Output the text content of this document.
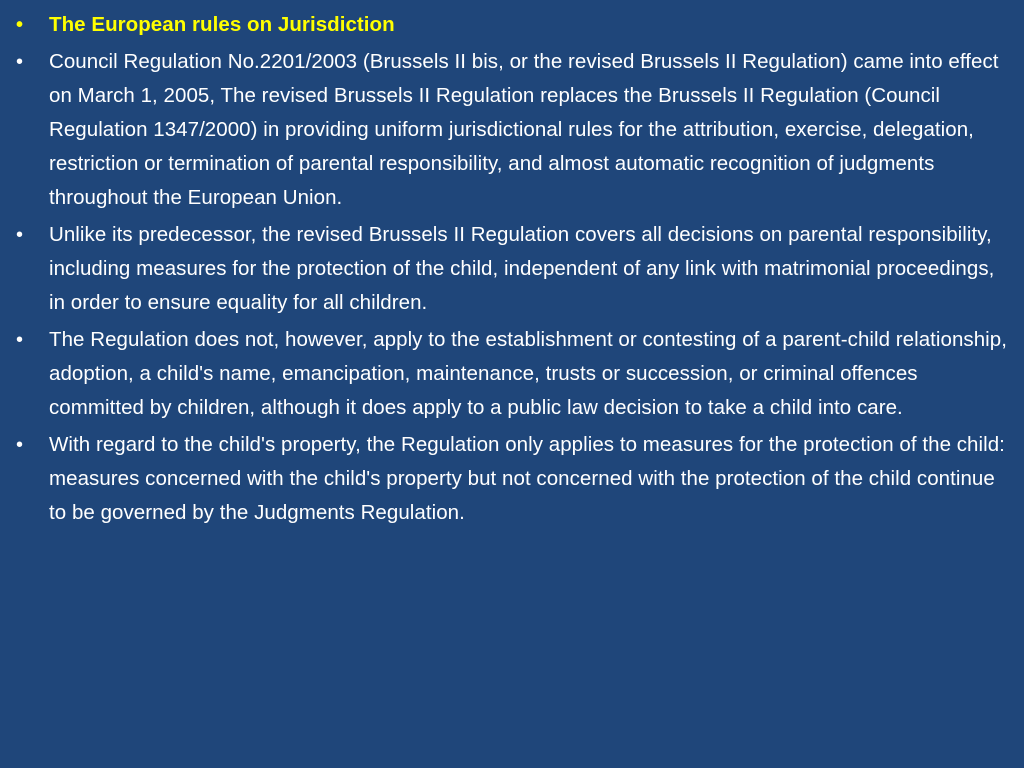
•	The European rules on Jurisdiction
•	Council Regulation No.2201/2003 (Brussels II bis, or the revised Brussels II Regulation) came into effect on March 1, 2005, The revised Brussels II Regulation replaces the Brussels II Regulation (Council Regulation 1347/2000) in providing uniform jurisdictional rules for the attribution, exercise, delegation, restriction or termination of parental responsibility, and almost automatic recognition of judgments throughout the European Union.
•	Unlike its predecessor, the revised Brussels II Regulation covers all decisions on parental responsibility, including measures for the protection of the child, independent of any link with matrimonial proceedings, in order to ensure equality for all children.
•	The Regulation does not, however, apply to the establishment or contesting of a parent-child relationship, adoption, a child's name, emancipation, maintenance, trusts or succession, or criminal offences committed by children, although it does apply to a public law decision to take a child into care.
•	With regard to the child's property, the Regulation only applies to measures for the protection of the child: measures concerned with the child's property but not concerned with the protection of the child continue to be governed by the Judgments Regulation.
